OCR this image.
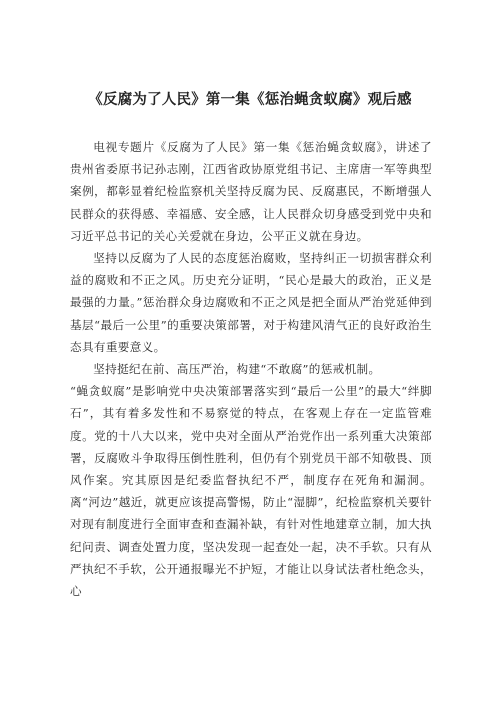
《反腐为了人民》第一集《惩治蝇贪蚁腐》观后感

电视专题片《反腐为了人民》第一集《惩治蝇贪蚁腐》，讲述了贵州省委原书记孙志刚，江西省政协原党组书记、主席唐一军等典型案例，都彰显着纪检监察机关坚持反腐为民、反腐惠民，不断增强人民群众的获得感、幸福感、安全感，让人民群众切身感受到党中央和习近平总书记的关心关爱就在身边，公平正义就在身边。

坚持以反腐为了人民的态度惩治腐败，坚持纠正一切损害群众利益的腐败和不正之风。历史充分证明，“民心是最大的政治，正义是最强的力量。”惩治群众身边腐败和不正之风是把全面从严治党延伸到基层“最后一公里”的重要决策部署，对于构建风清气正的良好政治生态具有重要意义。

坚持挺纪在前、高压严治，构建“不敢腐”的惩戒机制。

“蝇贪蚁腐”是影响党中央决策部署落实到“最后一公里”的最大“绊脚石”，其有着多发性和不易察觉的特点，在客观上存在一定监管难度。党的十八大以来，党中央对全面从严治党作出一系列重大决策部署，反腐败斗争取得压倒性胜利，但仍有个别党员干部不知敬畏、顶风作案。究其原因是纪委监督执纪不严，制度存在死角和漏洞。离“河边”越近，就更应该提高警惕，防止“湿脚”，纪检监察机关要针对现有制度进行全面审查和查漏补缺，有针对性地建章立制，加大执纪问责、调查处置力度，坚决发现一起查处一起，决不手软。只有从严执纪不手软，公开通报曝光不护短，才能让以身试法者杜绝念头，心
